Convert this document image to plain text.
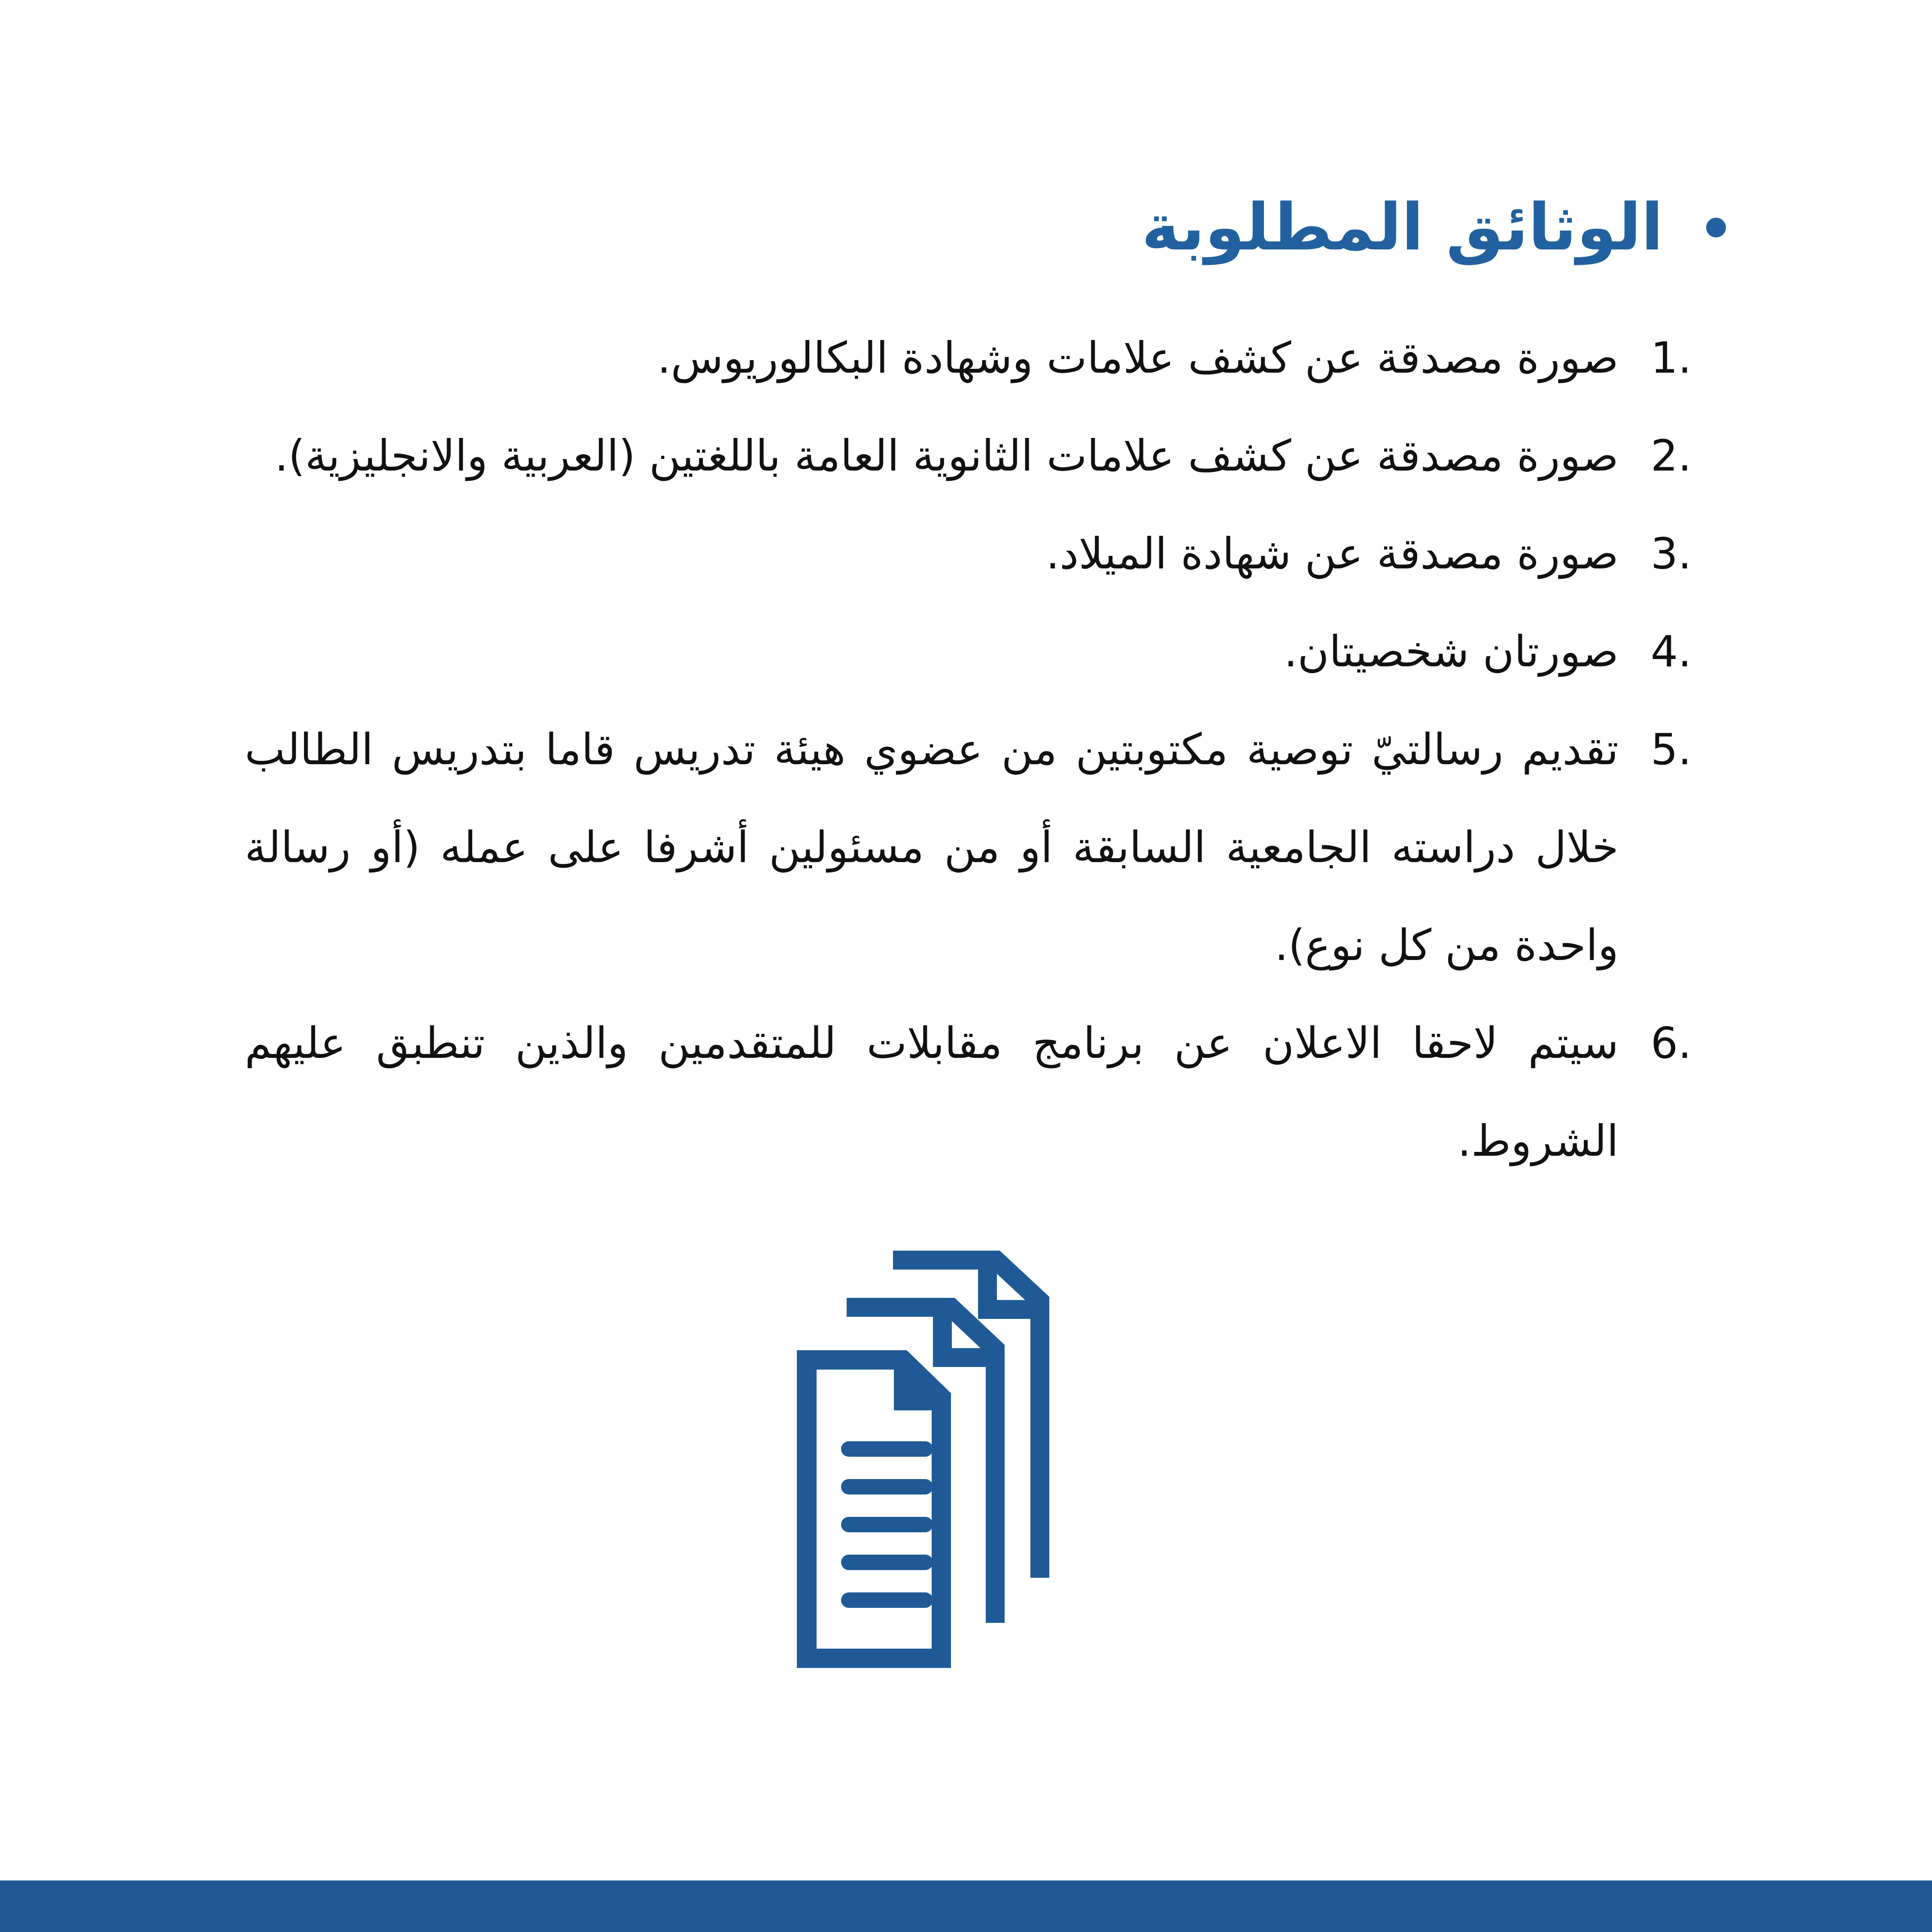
الوثائق المطلوبة
.1
صورة مصدقة عن كشف علامات وشهادة البكالوريوس.
.2
صورة مصدقة عن كشف علامات الثانوية العامة باللغتين (العربية والانجليزية).
.3
صورة مصدقة عن شهادة الميلاد.
.4
صورتان شخصيتان.
.5
تقديم رسالتيّ توصية مكتوبتين من عضوي هيئة تدريس قاما بتدريس الطالب خلال دراسته الجامعية السابقة أو من مسئولين أشرفا على عمله (أو رسالة واحدة من كل نوع).
.6
سيتم لاحقا الاعلان عن برنامج مقابلات للمتقدمين والذين تنطبق عليهم الشروط.
